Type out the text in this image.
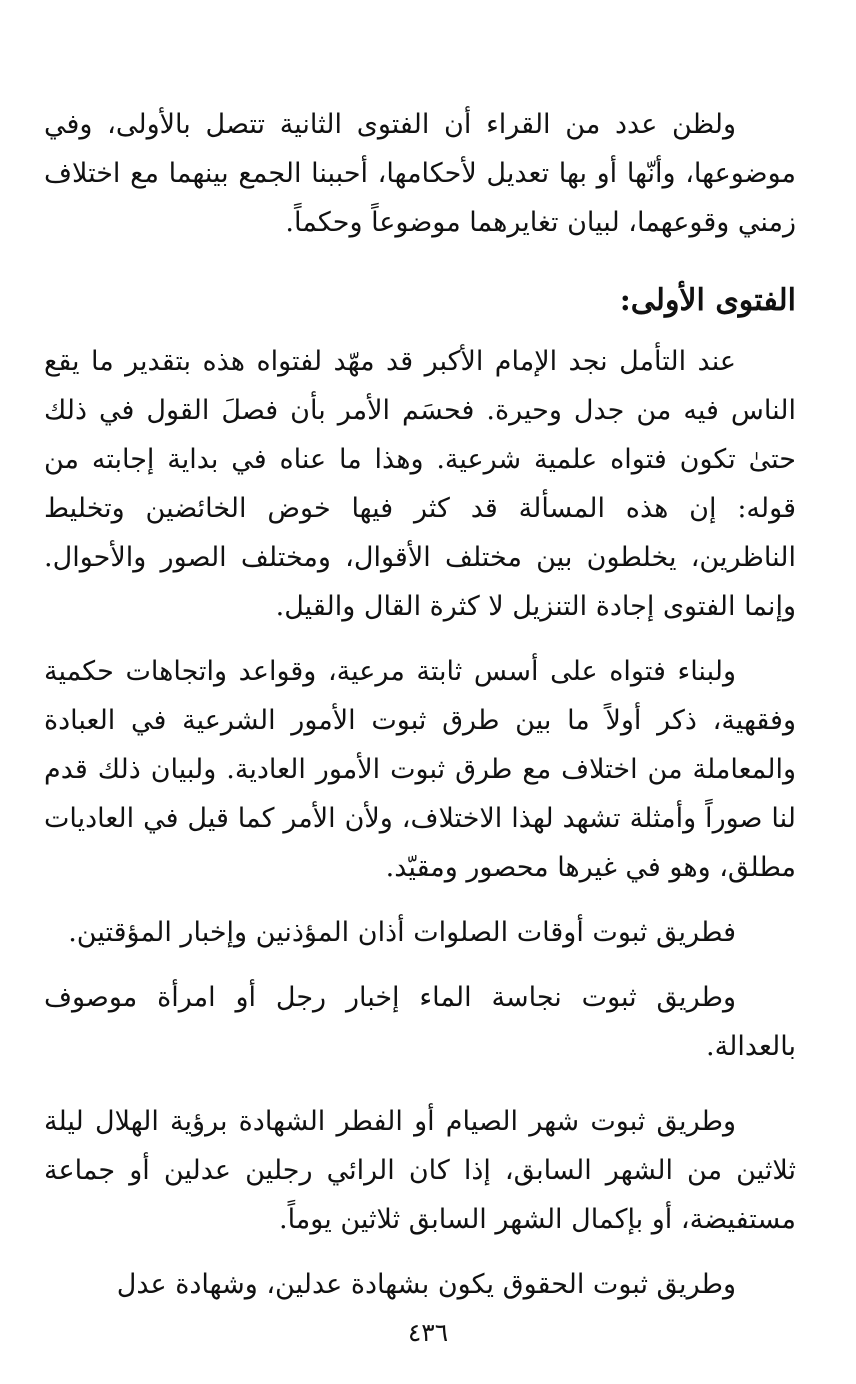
ولظن عدد من القراء أن الفتوى الثانية تتصل بالأولى، وفي موضوعها، وأنّها أو بها تعديل لأحكامها، أحببنا الجمع بينهما مع اختلاف زمني وقوعهما، لبيان تغايرهما موضوعاً وحكماً.

الفتوى الأولى:

عند التأمل نجد الإمام الأكبر قد مهّد لفتواه هذه بتقدير ما يقع الناس فيه من جدل وحيرة. فحسَم الأمر بأن فصلَ القول في ذلك حتىٰ تكون فتواه علمية شرعية. وهذا ما عناه في بداية إجابته من قوله: إن هذه المسألة قد كثر فيها خوض الخائضين وتخليط الناظرين، يخلطون بين مختلف الأقوال، ومختلف الصور والأحوال. وإنما الفتوى إجادة التنزيل لا كثرة القال والقيل.

ولبناء فتواه على أسس ثابتة مرعية، وقواعد واتجاهات حكمية وفقهية، ذكر أولاً ما بين طرق ثبوت الأمور الشرعية في العبادة والمعاملة من اختلاف مع طرق ثبوت الأمور العادية. ولبيان ذلك قدم لنا صوراً وأمثلة تشهد لهذا الاختلاف، ولأن الأمر كما قيل في العاديات مطلق، وهو في غيرها محصور ومقيّد.

فطريق ثبوت أوقات الصلوات أذان المؤذنين وإخبار المؤقتين.

وطريق ثبوت نجاسة الماء إخبار رجل أو امرأة موصوف بالعدالة.

وطريق ثبوت شهر الصيام أو الفطر الشهادة برؤية الهلال ليلة ثلاثين من الشهر السابق، إذا كان الرائي رجلين عدلين أو جماعة مستفيضة، أو بإكمال الشهر السابق ثلاثين يوماً.

وطريق ثبوت الحقوق يكون بشهادة عدلين، وشهادة عدل

٤٣٦
